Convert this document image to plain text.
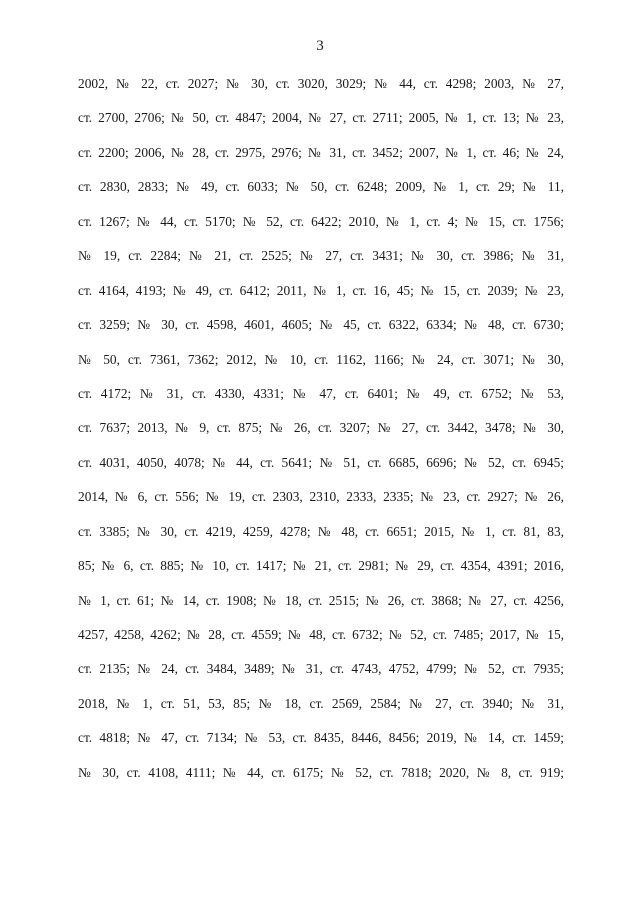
3
2002, № 22, ст. 2027; № 30, ст. 3020, 3029; № 44, ст. 4298; 2003, № 27,
ст. 2700, 2706; № 50, ст. 4847; 2004, № 27, ст. 2711; 2005, № 1, ст. 13; № 23,
ст. 2200; 2006, № 28, ст. 2975, 2976; № 31, ст. 3452; 2007, № 1, ст. 46; № 24,
ст. 2830, 2833; № 49, ст. 6033; № 50, ст. 6248; 2009, № 1, ст. 29; № 11,
ст. 1267; № 44, ст. 5170; № 52, ст. 6422; 2010, № 1, ст. 4; № 15, ст. 1756;
№ 19, ст. 2284; № 21, ст. 2525; № 27, ст. 3431; № 30, ст. 3986; № 31,
ст. 4164, 4193; № 49, ст. 6412; 2011, № 1, ст. 16, 45; № 15, ст. 2039; № 23,
ст. 3259; № 30, ст. 4598, 4601, 4605; № 45, ст. 6322, 6334; № 48, ст. 6730;
№ 50, ст. 7361, 7362; 2012, № 10, ст. 1162, 1166; № 24, ст. 3071; № 30,
ст. 4172; № 31, ст. 4330, 4331; № 47, ст. 6401; № 49, ст. 6752; № 53,
ст. 7637; 2013, № 9, ст. 875; № 26, ст. 3207; № 27, ст. 3442, 3478; № 30,
ст. 4031, 4050, 4078; № 44, ст. 5641; № 51, ст. 6685, 6696; № 52, ст. 6945;
2014, № 6, ст. 556; № 19, ст. 2303, 2310, 2333, 2335; № 23, ст. 2927; № 26,
ст. 3385; № 30, ст. 4219, 4259, 4278; № 48, ст. 6651; 2015, № 1, ст. 81, 83,
85; № 6, ст. 885; № 10, ст. 1417; № 21, ст. 2981; № 29, ст. 4354, 4391; 2016,
№ 1, ст. 61; № 14, ст. 1908; № 18, ст. 2515; № 26, ст. 3868; № 27, ст. 4256,
4257, 4258, 4262; № 28, ст. 4559; № 48, ст. 6732; № 52, ст. 7485; 2017, № 15,
ст. 2135; № 24, ст. 3484, 3489; № 31, ст. 4743, 4752, 4799; № 52, ст. 7935;
2018, № 1, ст. 51, 53, 85; № 18, ст. 2569, 2584; № 27, ст. 3940; № 31,
ст. 4818; № 47, ст. 7134; № 53, ст. 8435, 8446, 8456; 2019, № 14, ст. 1459;
№ 30, ст. 4108, 4111; № 44, ст. 6175; № 52, ст. 7818; 2020, № 8, ст. 919;
